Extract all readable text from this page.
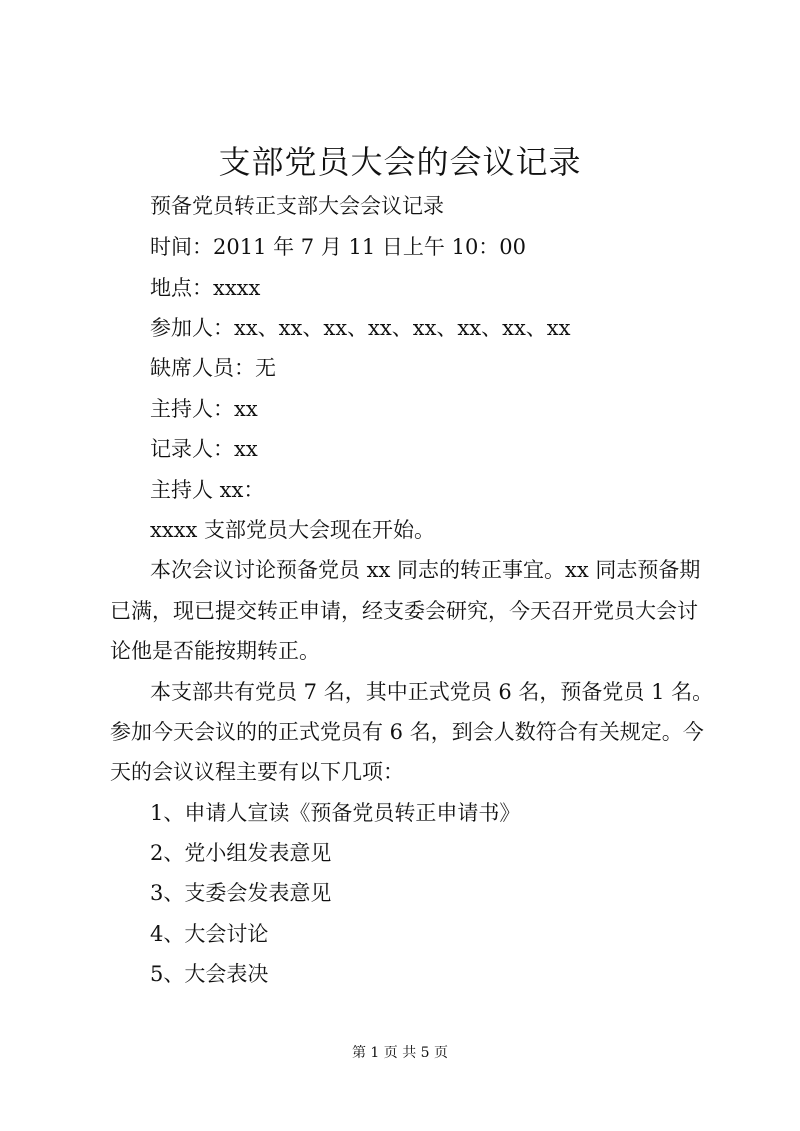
支部党员大会的会议记录
预备党员转正支部大会会议记录
时间：2011 年 7 月 11 日上午 10：00
地点：xxxx
参加人：xx、xx、xx、xx、xx、xx、xx、xx
缺席人员：无
主持人：xx
记录人：xx
主持人 xx：
xxxx 支部党员大会现在开始。
本次会议讨论预备党员 xx 同志的转正事宜。xx 同志预备期
已满，现已提交转正申请，经支委会研究，今天召开党员大会讨
论他是否能按期转正。
本支部共有党员 7 名，其中正式党员 6 名，预备党员 1 名。
参加今天会议的的正式党员有 6 名，到会人数符合有关规定。今
天的会议议程主要有以下几项：
1、申请人宣读《预备党员转正申请书》
2、党小组发表意见
3、支委会发表意见
4、大会讨论
5、大会表决
第 1 页 共 5 页
